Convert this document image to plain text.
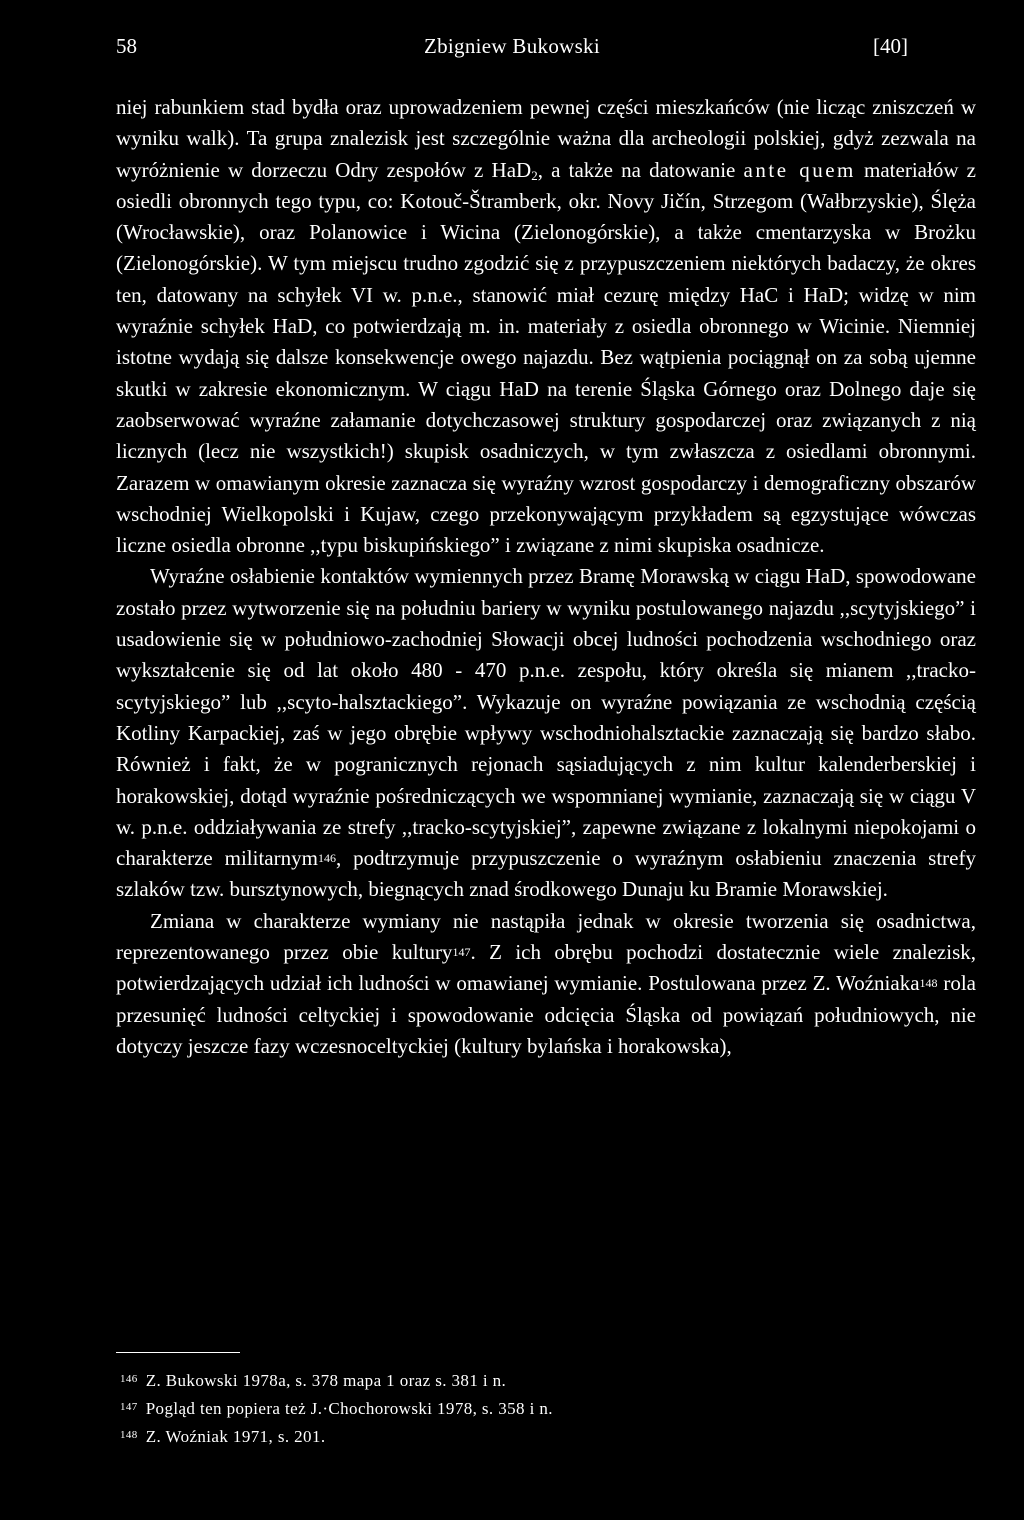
58	Zbigniew Bukowski	[40]

niej rabunkiem stad bydła oraz uprowadzeniem pewnej części mieszkańców (nie licząc zniszczeń w wyniku walk). Ta grupa znalezisk jest szczególnie ważna dla archeologii polskiej, gdyż zezwala na wyróżnienie w dorzeczu Odry zespołów z HaD$_2$, a także na datowanie ante quem materiałów z osiedli obronnych tego typu, co: Kotouč-Štramberk, okr. Novy Jičín, Strzegom (Wałbrzyskie), Ślęża (Wrocławskie), oraz Polanowice i Wicina (Zielonogórskie), a także cmentarzyska w Brożku (Zielonogórskie). W tym miejscu trudno zgodzić się z przypuszczeniem niektórych badaczy, że okres ten, datowany na schyłek VI w. p.n.e., stanowić miał cezurę między HaC i HaD; widzę w nim wyraźnie schyłek HaD, co potwierdzają m. in. materiały z osiedla obronnego w Wicinie. Niemniej istotne wydają się dalsze konsekwencje owego najazdu. Bez wątpienia pociągnął on za sobą ujemne skutki w zakresie ekonomicznym. W ciągu HaD na terenie Śląska Górnego oraz Dolnego daje się zaobserwować wyraźne załamanie dotychczasowej struktury gospodarczej oraz związanych z nią licznych (lecz nie wszystkich!) skupisk osadniczych, w tym zwłaszcza z osiedlami obronnymi. Zarazem w omawianym okresie zaznacza się wyraźny wzrost gospodarczy i demograficzny obszarów wschodniej Wielkopolski i Kujaw, czego przekonywającym przykładem są egzystujące wówczas liczne osiedla obronne ,,typu biskupińskiego” i związane z nimi skupiska osadnicze.

Wyraźne osłabienie kontaktów wymiennych przez Bramę Morawską w ciągu HaD, spowodowane zostało przez wytworzenie się na południu bariery w wyniku postulowanego najazdu ,,scytyjskiego” i usadowienie się w południowo-zachodniej Słowacji obcej ludności pochodzenia wschodniego oraz wykształcenie się od lat około 480 - 470 p.n.e. zespołu, który określa się mianem ,,tracko-scytyjskiego” lub ,,scyto-halsztackiego”. Wykazuje on wyraźne powiązania ze wschodnią częścią Kotliny Karpackiej, zaś w jego obrębie wpływy wschodniohalsztackie zaznaczają się bardzo słabo. Również i fakt, że w pogranicznych rejonach sąsiadujących z nim kultur kalenderberskiej i horakowskiej, dotąd wyraźnie pośredniczących we wspomnianej wymianie, zaznaczają się w ciągu V w. p.n.e. oddziaływania ze strefy ,,tracko-scytyjskiej”, zapewne związane z lokalnymi niepokojami o charakterze militarnym$^{146}$, podtrzymuje przypuszczenie o wyraźnym osłabieniu znaczenia strefy szlaków tzw. bursztynowych, biegnących znad środkowego Dunaju ku Bramie Morawskiej.

Zmiana w charakterze wymiany nie nastąpiła jednak w okresie tworzenia się osadnictwa, reprezentowanego przez obie kultury$^{147}$. Z ich obrębu pochodzi dostatecznie wiele znalezisk, potwierdzających udział ich ludności w omawianej wymianie. Postulowana przez Z. Woźniaka$^{148}$ rola przesunięć ludności celtyckiej i spowodowanie odcięcia Śląska od powiązań południowych, nie dotyczy jeszcze fazy wczesnoceltyckiej (kultury bylańska i horakowska),

$^{146}$ Z. Bukowski 1978a, s. 378 mapa 1 oraz s. 381 i n.
$^{147}$ Pogląd ten popiera też J.·Chochorowski 1978, s. 358 i n.
$^{148}$ Z. Woźniak 1971, s. 201.
